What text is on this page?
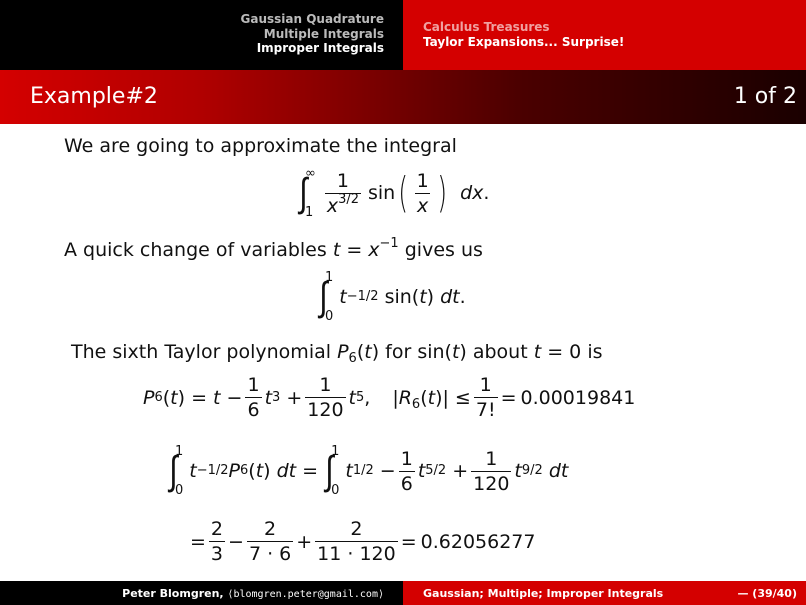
Gaussian Quadrature
Multiple Integrals
Improper Integrals
Calculus Treasures
Taylor Expansions... Surprise!
Example#2	1 of 2
We are going to approximate the integral
∫
∞
$1 \frac{1}{x^{3/2}}$ sin ( $\frac{1}{x}$ ) dx.
A quick change of variables $t = x^{-1}$ gives us
∫
1
0
t −1/2 sin( t ) dt .
The sixth Taylor polynomial $P_6(t)$ for sin(t) about t = 0 is
P 6 ( t ) = $t - \frac{1}{6}$ t $3 + \frac{1}{120}$ t 5 , $|R_6(t)| \le \frac{1}{7!} = 0.00019841$
∫
1
0
t −1/2 P 6 ( t ) dt = ∫
1
0
t $1/2 - \frac{1}{6}$ t $5/2 + \frac{1}{120}$ t 9/2
dt
= $\frac{2}{3} - \frac{2}{7 \cdot 6} + \frac{2}{11 \cdot 120} = 0.62056277$
Peter Blomgren, ⟨blomgren.peter@gmail.com⟩	Gaussian; Multiple; Improper Integrals	— (39/40)
